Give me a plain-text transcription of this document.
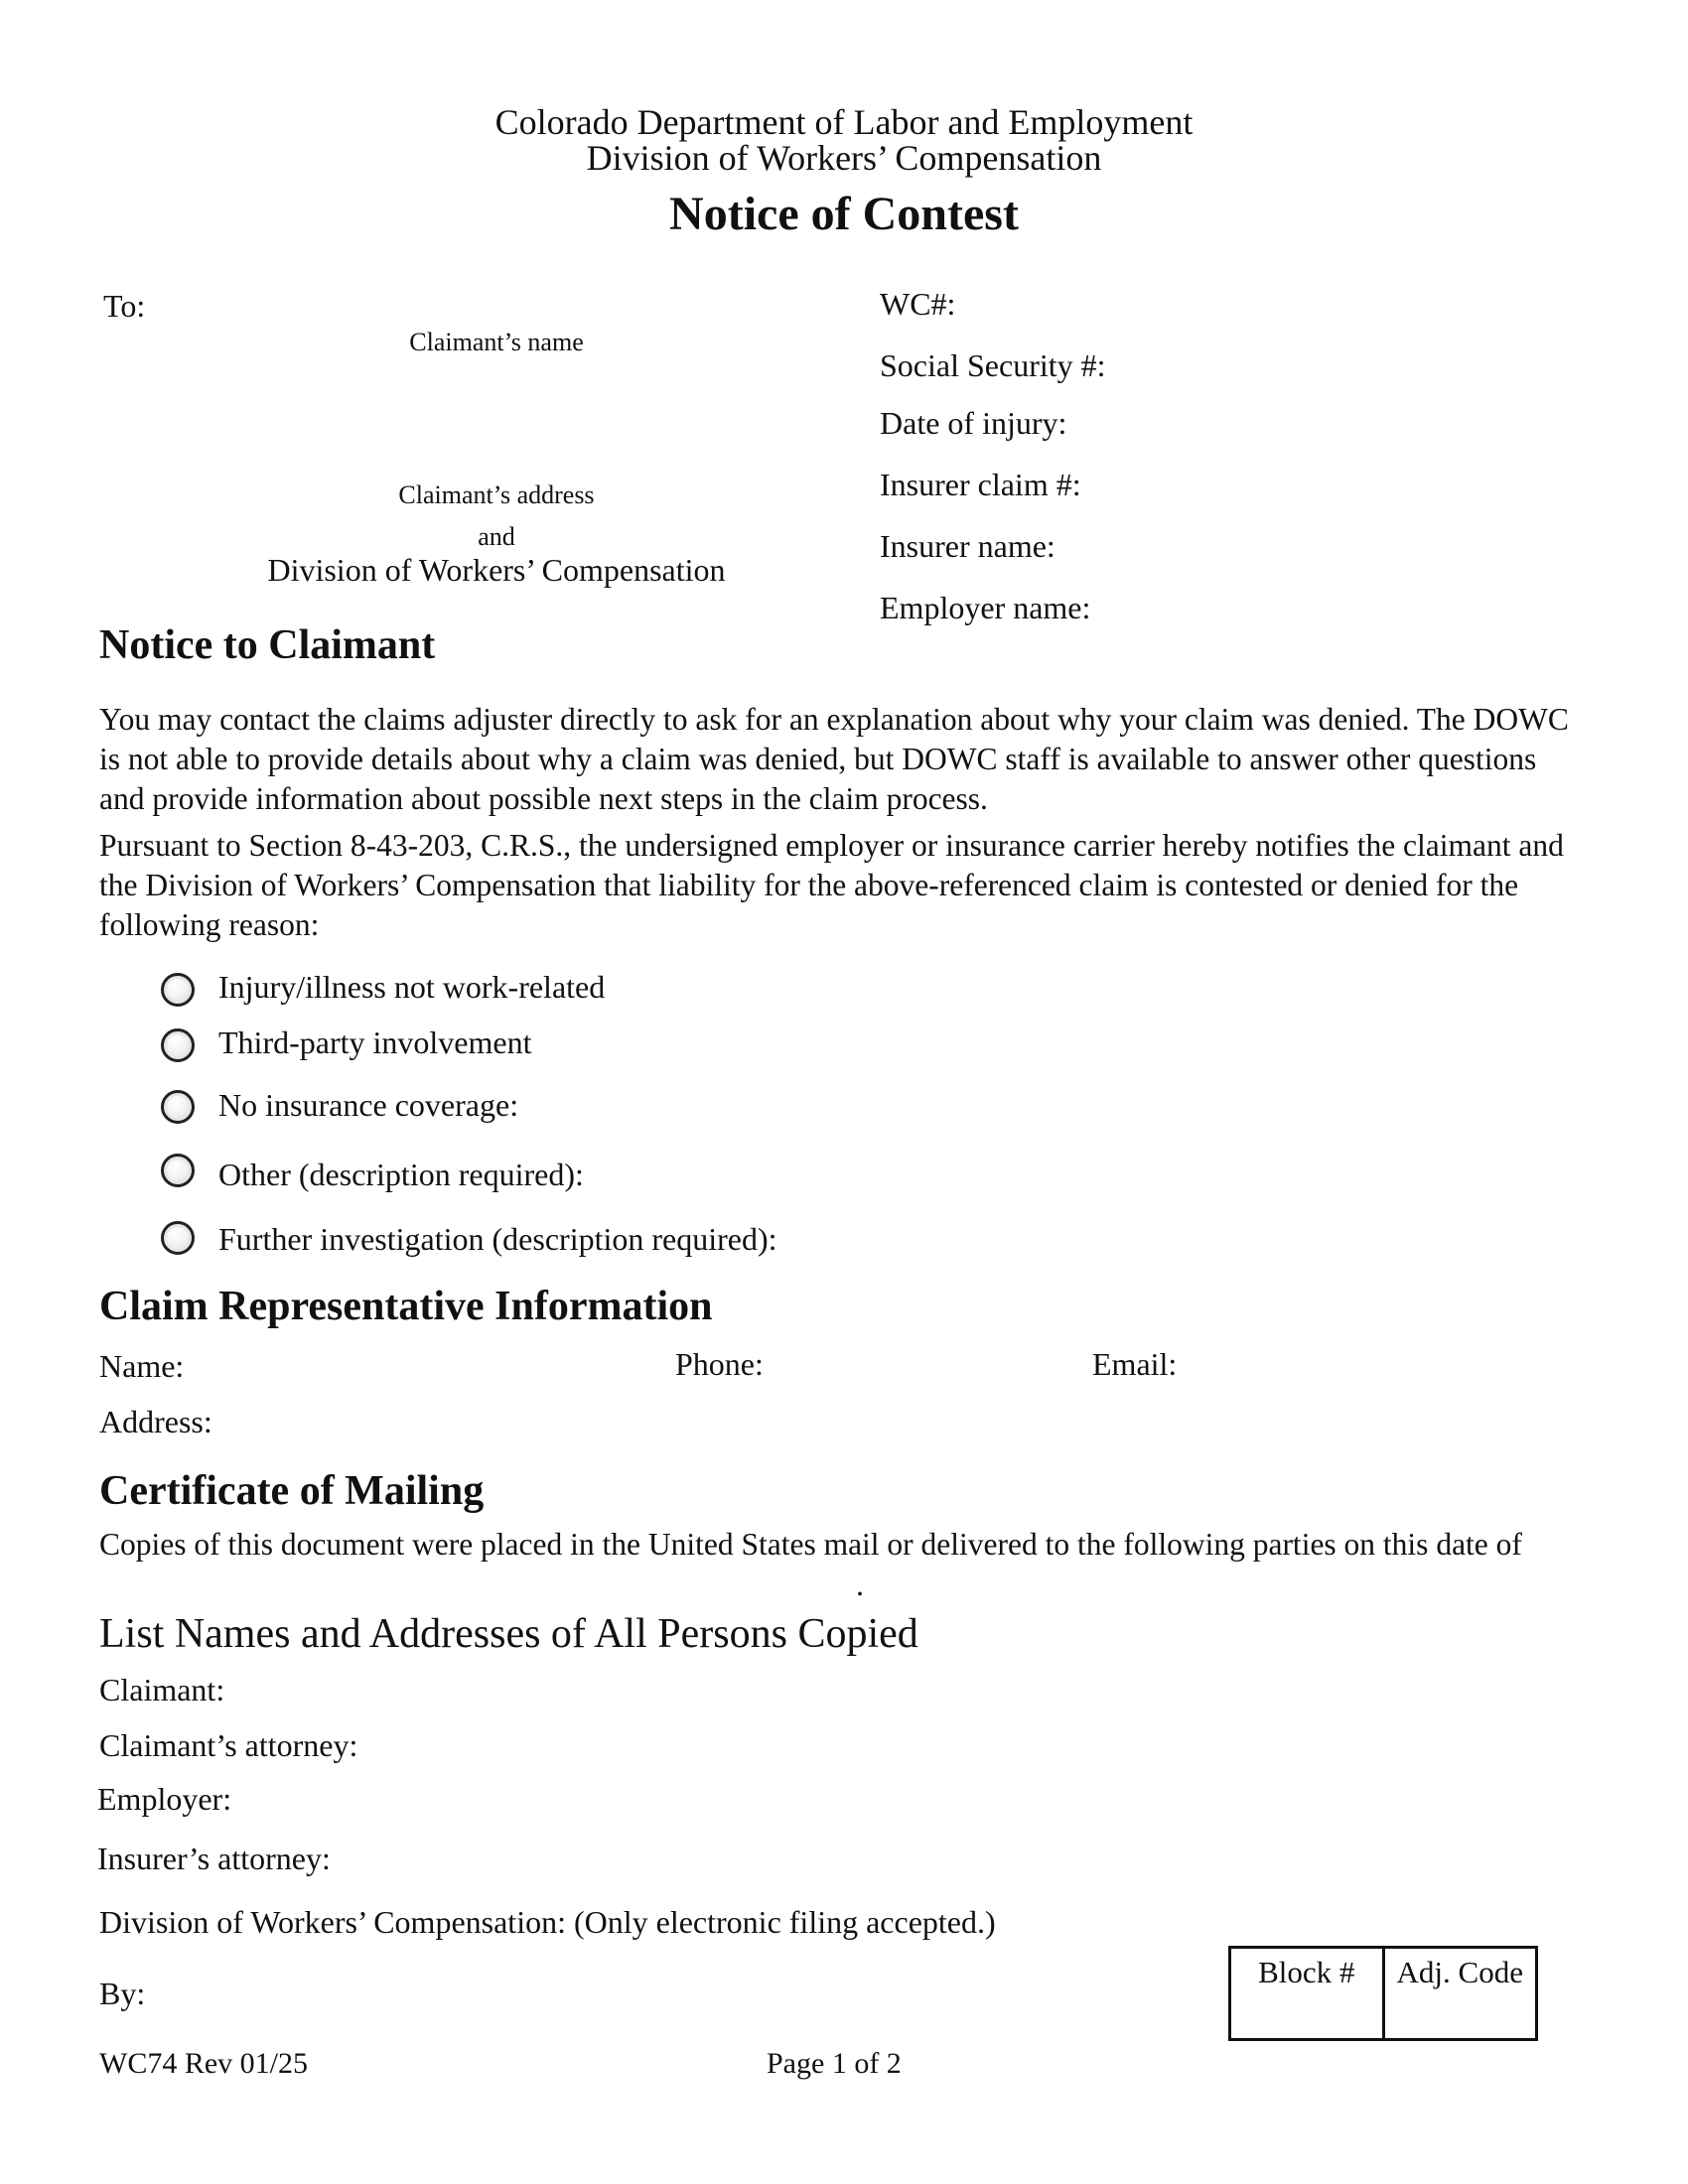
Colorado Department of Labor and Employment
Division of Workers’ Compensation
Notice of Contest
To:
Claimant’s name
Claimant’s address
and
Division of Workers’ Compensation
WC#:
Social Security #:
Date of injury:
Insurer claim #:
Insurer name:
Employer name:
Notice to Claimant
You may contact the claims adjuster directly to ask for an explanation about why your claim was denied. The DOWC is not able to provide details about why a claim was denied, but DOWC staff is available to answer other questions and provide information about possible next steps in the claim process.
Pursuant to Section 8-43-203, C.R.S., the undersigned employer or insurance carrier hereby notifies the claimant and the Division of Workers’ Compensation that liability for the above-referenced claim is contested or denied for the following reason:
Injury/illness not work-related
Third-party involvement
No insurance coverage:
Other (description required):
Further investigation (description required):
Claim Representative Information
Name:	Phone:	Email:
Address:
Certificate of Mailing
Copies of this document were placed in the United States mail or delivered to the following parties on this date of
.
List Names and Addresses of All Persons Copied
Claimant:
Claimant’s attorney:
Employer:
Insurer’s attorney:
Division of Workers’ Compensation: (Only electronic filing accepted.)
By:
Block #	Adj. Code
WC74 Rev 01/25	Page 1 of 2
